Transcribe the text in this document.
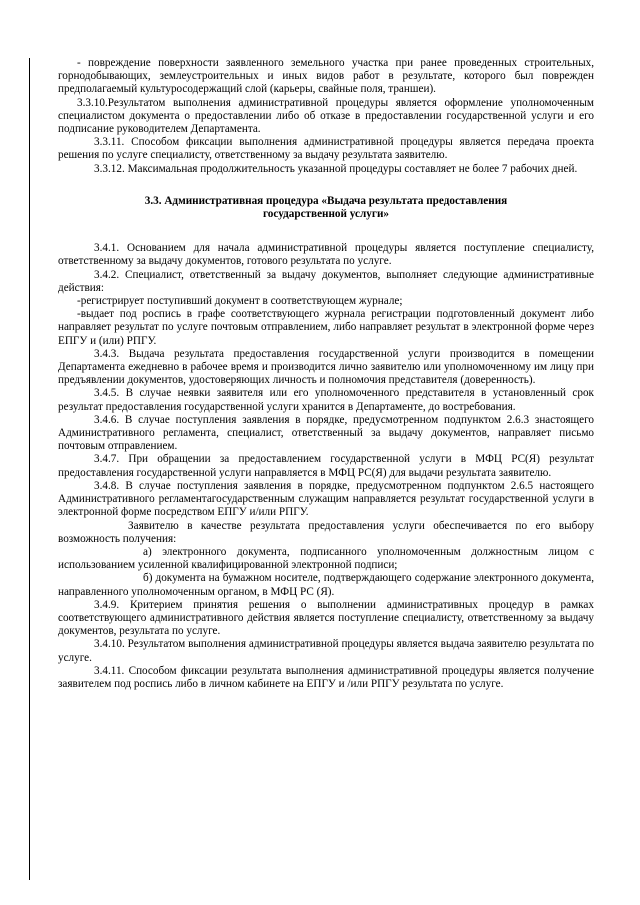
- повреждение поверхности заявленного земельного участка при ранее проведенных строительных, горнодобывающих, землеустроительных и иных видов работ в результате, которого был поврежден предполагаемый культуросодержащий слой (карьеры, свайные поля, траншеи).

3.3.10.Результатом выполнения административной процедуры является оформление уполномоченным специалистом документа о предоставлении либо об отказе в предоставлении государственной услуги и его подписание руководителем Департамента.

3.3.11. Способом фиксации выполнения административной процедуры является передача проекта решения по услуге специалисту, ответственному за выдачу результата заявителю.

3.3.12. Максимальная продолжительность указанной процедуры составляет не более 7 рабочих дней.

3.3. Административная процедура «Выдача результата предоставления
государственной услуги»

3.4.1. Основанием для начала административной процедуры является поступление специалисту, ответственному за выдачу документов, готового результата по услуге.

3.4.2. Специалист, ответственный за выдачу документов, выполняет следующие административные действия:

-регистрирует поступивший документ в соответствующем журнале;

-выдает под роспись в графе соответствующего журнала регистрации подготовленный документ либо направляет результат по услуге почтовым отправлением, либо направляет результат в электронной форме через ЕПГУ и (или) РПГУ.

3.4.3. Выдача результата предоставления государственной услуги производится в помещении Департамента ежедневно в рабочее время и производится лично заявителю или уполномоченному им лицу при предъявлении документов, удостоверяющих личность и полномочия представителя (доверенность).

3.4.5. В случае неявки заявителя или его уполномоченного представителя в установленный срок результат предоставления государственной услуги хранится в Департаменте, до востребования.

3.4.6. В случае поступления заявления в порядке, предусмотренном подпунктом 2.6.3 знастоящего Административного регламента, специалист, ответственный за выдачу документов, направляет письмо почтовым отправлением.

3.4.7. При обращении за предоставлением государственной услуги в МФЦ РС(Я) результат предоставления государственной услуги направляется в МФЦ РС(Я) для выдачи результата заявителю.

3.4.8. В случае поступления заявления в порядке, предусмотренном подпунктом 2.6.5 настоящего Административного регламентагосударственным служащим направляется результат государственной услуги в электронной форме посредством ЕПГУ и/или РПГУ.

Заявителю в качестве результата предоставления услуги обеспечивается по его выбору возможность получения:

а) электронного документа, подписанного уполномоченным должностным лицом с использованием усиленной квалифицированной электронной подписи;

б) документа на бумажном носителе, подтверждающего содержание электронного документа, направленного уполномоченным органом, в МФЦ РС (Я).

3.4.9. Критерием принятия решения о выполнении административных процедур в рамках соответствующего административного действия является поступление специалисту, ответственному за выдачу документов, результата по услуге.

3.4.10. Результатом выполнения административной процедуры является выдача заявителю результата по услуге.

3.4.11. Способом фиксации результата выполнения административной процедуры является получение заявителем под роспись либо в личном кабинете на ЕПГУ и /или РПГУ результата по услуге.
